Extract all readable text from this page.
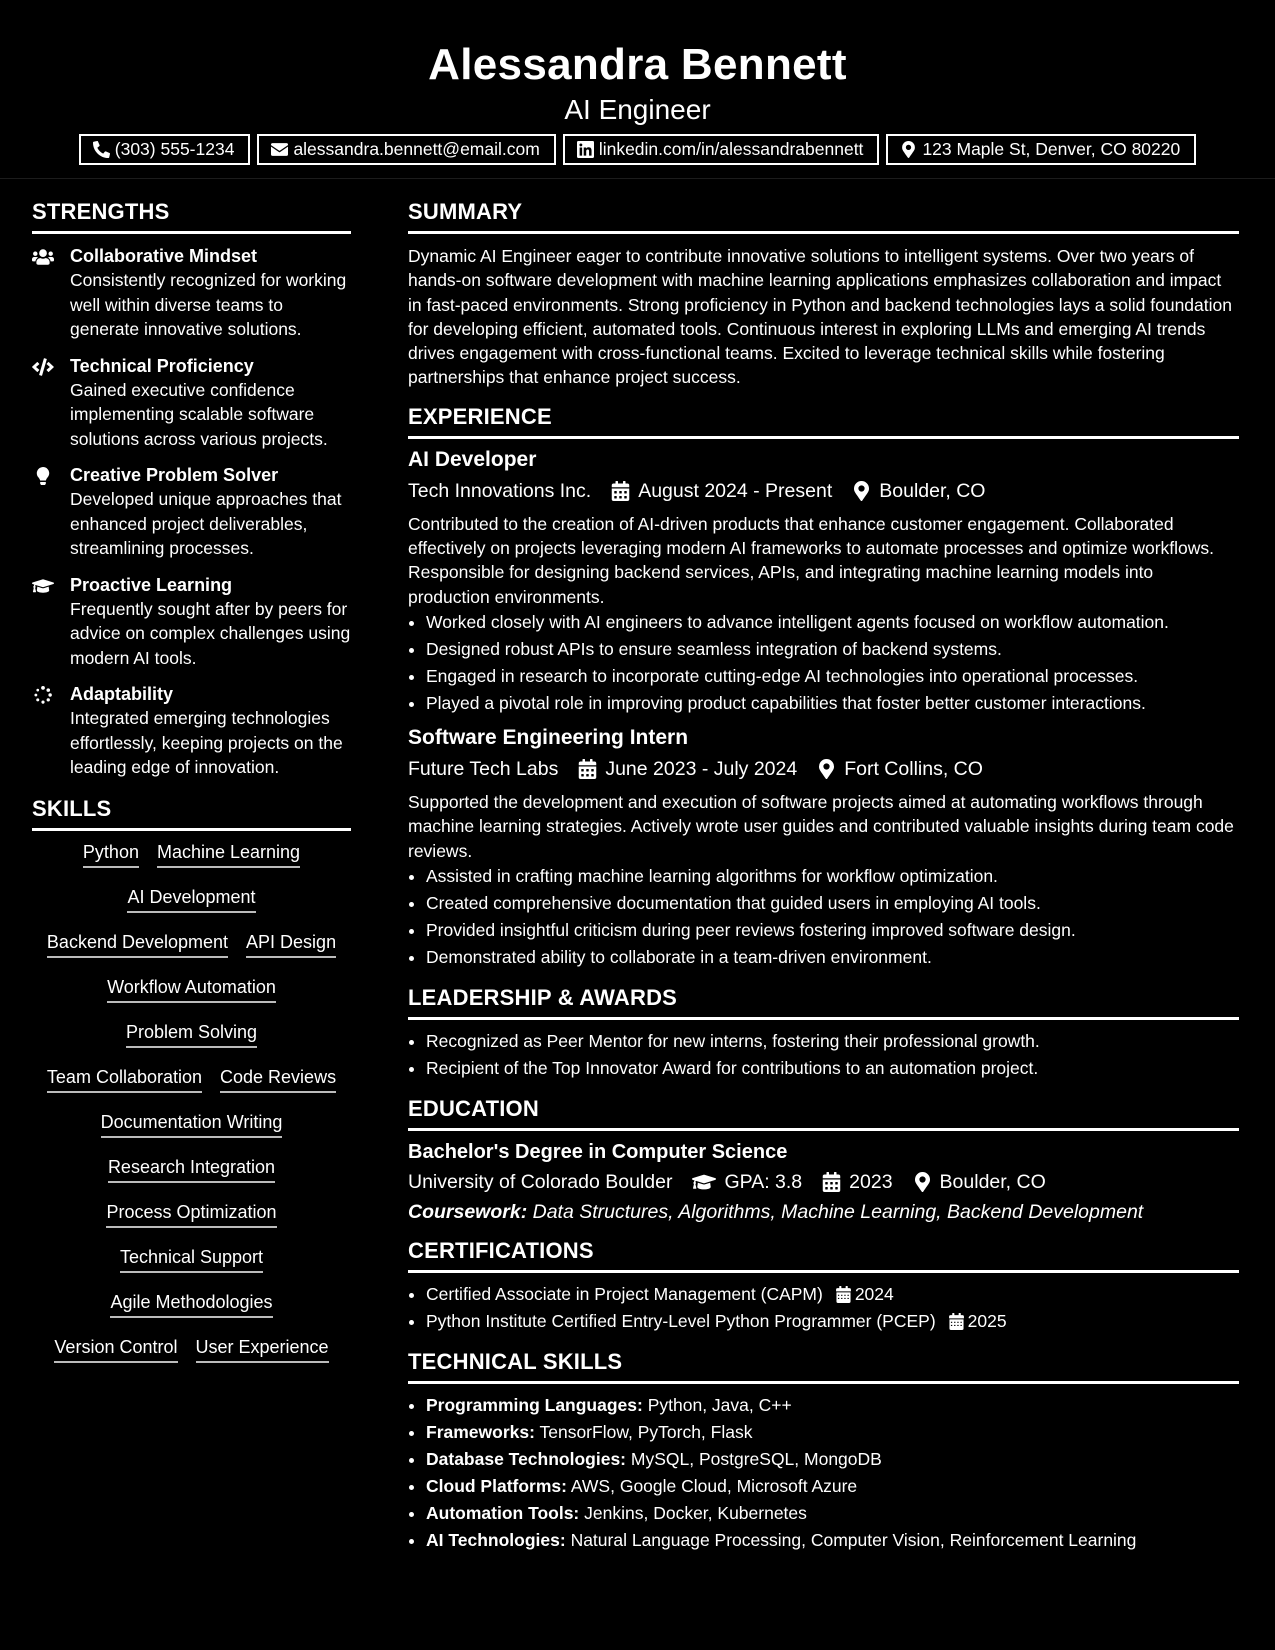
Alessandra Bennett
AI Engineer
(303) 555-1234	alessandra.bennett@email.com	linkedin.com/in/alessandrabennett	123 Maple St, Denver, CO 80220
STRENGTHS
Collaborative Mindset
Consistently recognized for working well within diverse teams to generate innovative solutions.
Technical Proficiency
Gained executive confidence implementing scalable software solutions across various projects.
Creative Problem Solver
Developed unique approaches that enhanced project deliverables, streamlining processes.
Proactive Learning
Frequently sought after by peers for advice on complex challenges using modern AI tools.
Adaptability
Integrated emerging technologies effortlessly, keeping projects on the leading edge of innovation.
SKILLS
Python Machine Learning
AI Development
Backend Development API Design
Workflow Automation
Problem Solving
Team Collaboration Code Reviews
Documentation Writing
Research Integration
Process Optimization
Technical Support
Agile Methodologies
Version Control User Experience
SUMMARY
Dynamic AI Engineer eager to contribute innovative solutions to intelligent systems. Over two years of hands-on software development with machine learning applications emphasizes collaboration and impact in fast-paced environments. Strong proficiency in Python and backend technologies lays a solid foundation for developing efficient, automated tools. Continuous interest in exploring LLMs and emerging AI trends drives engagement with cross-functional teams. Excited to leverage technical skills while fostering partnerships that enhance project success.
EXPERIENCE
AI Developer
Tech Innovations Inc. August 2024 - Present Boulder, CO
Contributed to the creation of AI-driven products that enhance customer engagement. Collaborated effectively on projects leveraging modern AI frameworks to automate processes and optimize workflows. Responsible for designing backend services, APIs, and integrating machine learning models into production environments.
• Worked closely with AI engineers to advance intelligent agents focused on workflow automation.
• Designed robust APIs to ensure seamless integration of backend systems.
• Engaged in research to incorporate cutting-edge AI technologies into operational processes.
• Played a pivotal role in improving product capabilities that foster better customer interactions.
Software Engineering Intern
Future Tech Labs June 2023 - July 2024 Fort Collins, CO
Supported the development and execution of software projects aimed at automating workflows through machine learning strategies. Actively wrote user guides and contributed valuable insights during team code reviews.
• Assisted in crafting machine learning algorithms for workflow optimization.
• Created comprehensive documentation that guided users in employing AI tools.
• Provided insightful criticism during peer reviews fostering improved software design.
• Demonstrated ability to collaborate in a team-driven environment.
LEADERSHIP & AWARDS
• Recognized as Peer Mentor for new interns, fostering their professional growth.
• Recipient of the Top Innovator Award for contributions to an automation project.
EDUCATION
Bachelor's Degree in Computer Science
University of Colorado Boulder	GPA: 3.8 2023 Boulder, CO
Coursework: Data Structures, Algorithms, Machine Learning, Backend Development
CERTIFICATIONS
• Certified Associate in Project Management (CAPM) 2024
• Python Institute Certified Entry-Level Python Programmer (PCEP) 2025
TECHNICAL SKILLS
• Programming Languages: Python, Java, C++
• Frameworks: TensorFlow, PyTorch, Flask
• Database Technologies: MySQL, PostgreSQL, MongoDB
• Cloud Platforms: AWS, Google Cloud, Microsoft Azure
• Automation Tools: Jenkins, Docker, Kubernetes
• AI Technologies: Natural Language Processing, Computer Vision, Reinforcement Learning
